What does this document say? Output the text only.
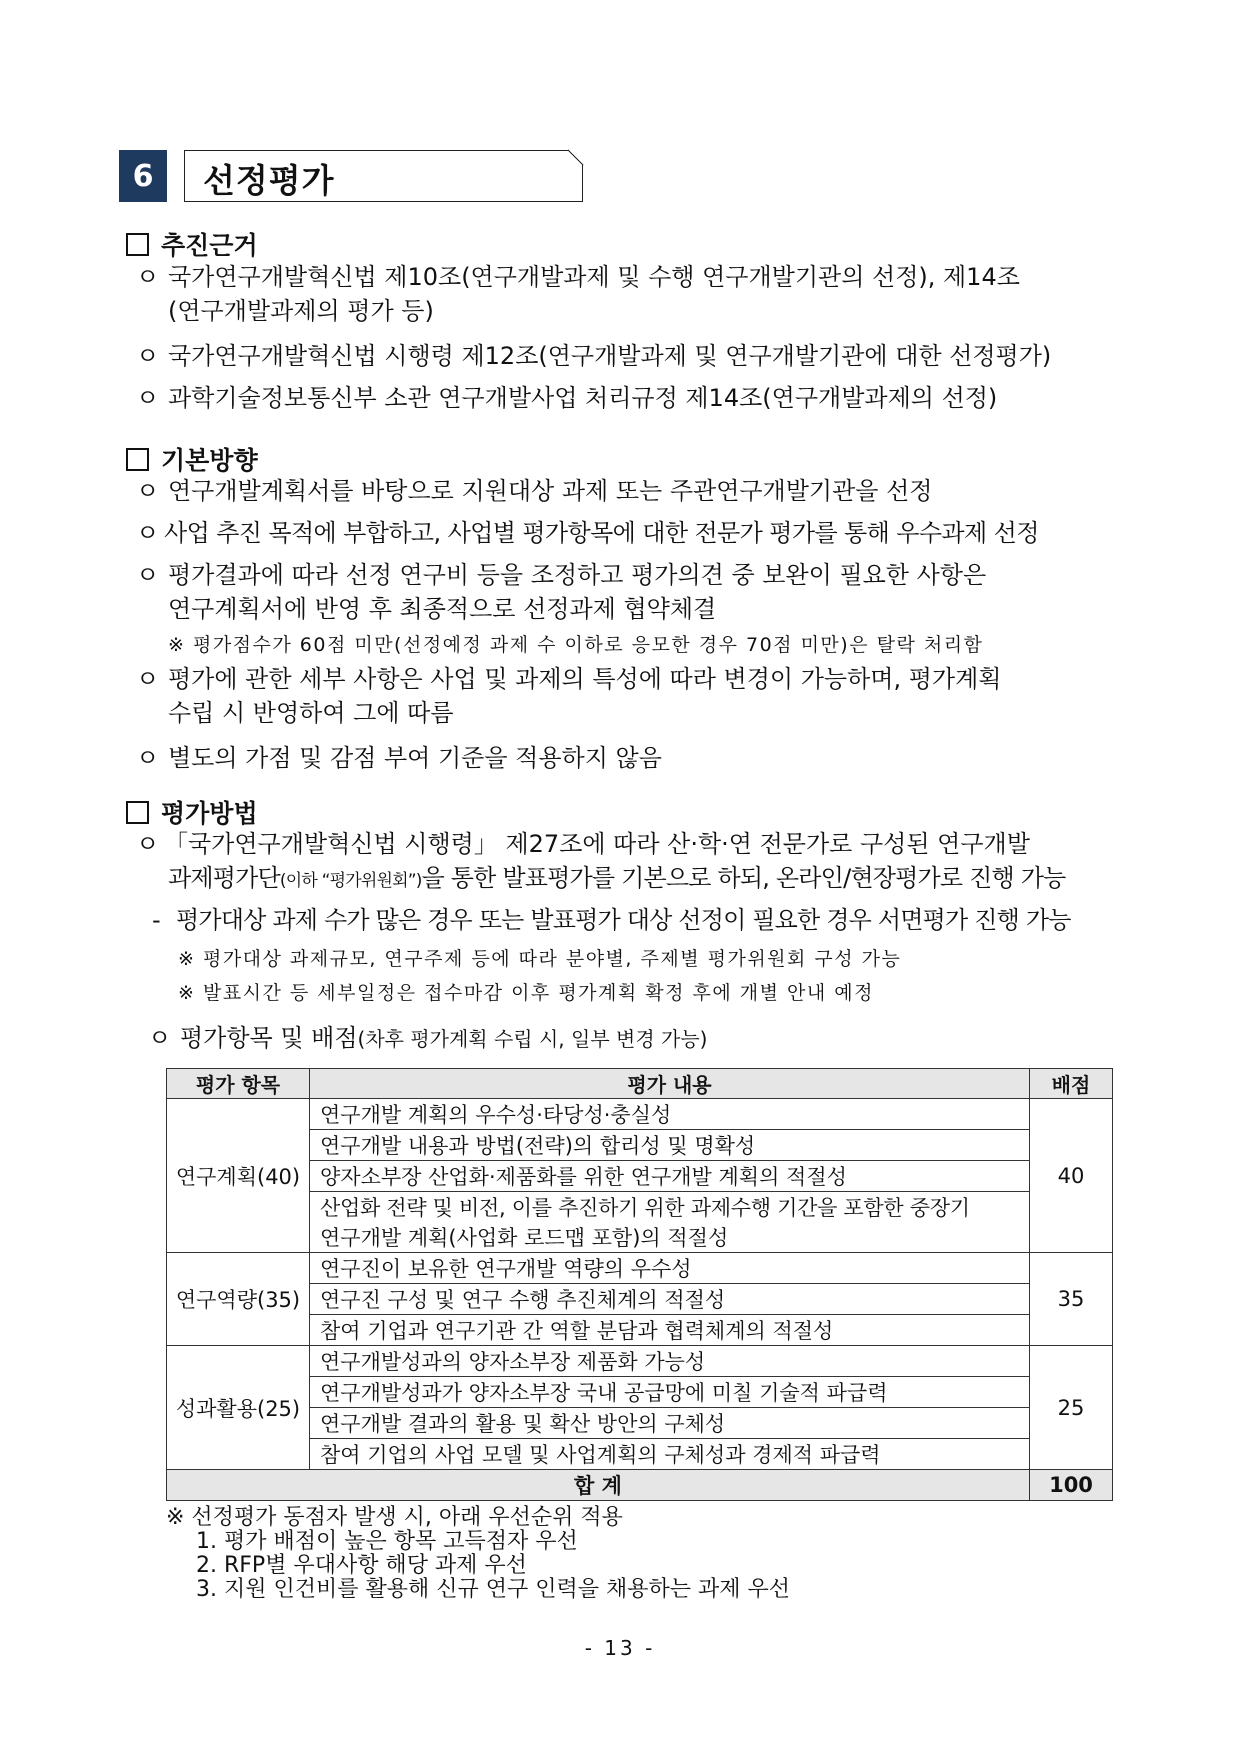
6	선정평가
추진근거
ㅇ 국가연구개발혁신법 제10조(연구개발과제 및 수행 연구개발기관의 선정), 제14조
(연구개발과제의 평가 등)
ㅇ 국가연구개발혁신법 시행령 제12조(연구개발과제 및 연구개발기관에 대한 선정평가)
ㅇ 과학기술정보통신부 소관 연구개발사업 처리규정 제14조(연구개발과제의 선정)
기본방향
ㅇ 연구개발계획서를 바탕으로 지원대상 과제 또는 주관연구개발기관을 선정
ㅇ 사업 추진 목적에 부합하고, 사업별 평가항목에 대한 전문가 평가를 통해 우수과제 선정
ㅇ 평가결과에 따라 선정 연구비 등을 조정하고 평가의견 중 보완이 필요한 사항은
연구계획서에 반영 후 최종적으로 선정과제 협약체결
※ 평가점수가 60점 미만(선정예정 과제 수 이하로 응모한 경우 70점 미만)은 탈락 처리함
ㅇ 평가에 관한 세부 사항은 사업 및 과제의 특성에 따라 변경이 가능하며, 평가계획
수립 시 반영하여 그에 따름
ㅇ 별도의 가점 및 감점 부여 기준을 적용하지 않음
평가방법
ㅇ 「국가연구개발혁신법 시행령」 제27조에 따라 산·학·연 전문가로 구성된 연구개발
과제평가단(이하 “평가위원회”)을 통한 발표평가를 기본으로 하되, 온라인/현장평가로 진행 가능
- 평가대상 과제 수가 많은 경우 또는 발표평가 대상 선정이 필요한 경우 서면평가 진행 가능
※ 평가대상 과제규모, 연구주제 등에 따라 분야별, 주제별 평가위원회 구성 가능
※ 발표시간 등 세부일정은 접수마감 이후 평가계획 확정 후에 개별 안내 예정
ㅇ 평가항목 및 배점(차후 평가계획 수립 시, 일부 변경 가능)
평가 항목	평가 내용	배점
연구계획(40)	연구개발 계획의 우수성·타당성·충실성	40
	연구개발 내용과 방법(전략)의 합리성 및 명확성	
	양자소부장 산업화·제품화를 위한 연구개발 계획의 적절성	
	산업화 전략 및 비전, 이를 추진하기 위한 과제수행 기간을 포함한 중장기	
	연구개발 계획(사업화 로드맵 포함)의 적절성	
연구역량(35)	연구진이 보유한 연구개발 역량의 우수성	35
	연구진 구성 및 연구 수행 추진체계의 적절성	
	참여 기업과 연구기관 간 역할 분담과 협력체계의 적절성	
성과활용(25)	연구개발성과의 양자소부장 제품화 가능성	25
	연구개발성과가 양자소부장 국내 공급망에 미칠 기술적 파급력	
	연구개발 결과의 활용 및 확산 방안의 구체성	
	참여 기업의 사업 모델 및 사업계획의 구체성과 경제적 파급력	
합 계		100
※ 선정평가 동점자 발생 시, 아래 우선순위 적용
1. 평가 배점이 높은 항목 고득점자 우선
2. RFP별 우대사항 해당 과제 우선
3. 지원 인건비를 활용해 신규 연구 인력을 채용하는 과제 우선
- 13 -
